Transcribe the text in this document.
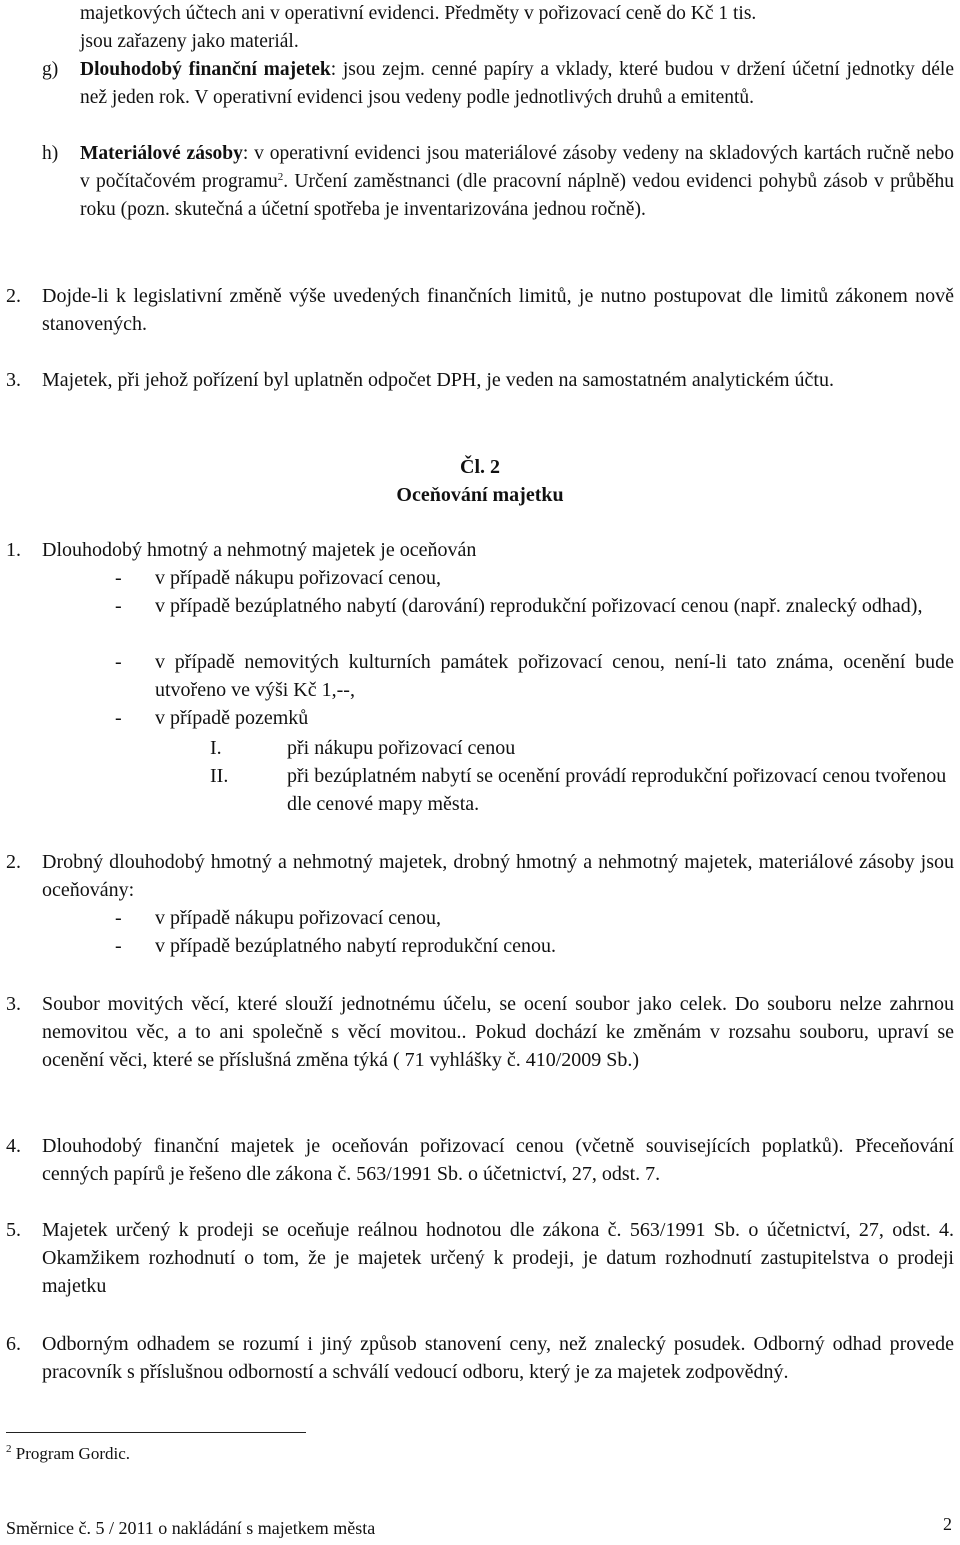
majetkových účtech ani v operativní evidenci. Předměty v pořizovací ceně do Kč 1 tis.
jsou zařazeny jako materiál.
g)	Dlouhodobý finanční majetek: jsou zejm. cenné papíry a vklady, které budou v držení účetní jednotky déle než jeden rok. V operativní evidenci jsou vedeny podle jednotlivých druhů a emitentů.

h)	Materiálové zásoby: v operativní evidenci jsou materiálové zásoby vedeny na skladových kartách ručně nebo v počítačovém programu$^2$. Určení zaměstnanci (dle pracovní náplně) vedou evidenci pohybů zásob v průběhu roku (pozn. skutečná a účetní spotřeba je inventarizována jednou ročně).

2.	Dojde-li k legislativní změně výše uvedených finančních limitů, je nutno postupovat dle limitů zákonem nově stanovených.

3.	Majetek, při jehož pořízení byl uplatněn odpočet DPH, je veden na samostatném analytickém účtu.

Čl. 2
Oceňování majetku
1.	Dlouhodobý hmotný a nehmotný majetek je oceňován

-	v případě nákupu pořizovací cenou,
-	v případě bezúplatného nabytí (darování) reprodukční pořizovací cenou (např. znalecký odhad),
-	v případě nemovitých kulturních památek pořizovací cenou, není-li tato známa, ocenění bude utvořeno ve výši Kč 1,--,
-	v případě pozemků
I.	při nákupu pořizovací cenou
II.	při bezúplatném nabytí se ocenění provádí reprodukční pořizovací cenou tvořenou dle cenové mapy města.
2.	Drobný dlouhodobý hmotný a nehmotný majetek, drobný hmotný a nehmotný majetek, materiálové zásoby jsou oceňovány:

-	v případě nákupu pořizovací cenou,
-	v případě bezúplatného nabytí reprodukční cenou.
3.	Soubor movitých věcí, které slouží jednotnému účelu, se ocení soubor jako celek. Do souboru nelze zahrnou nemovitou věc, a to ani společně s věcí movitou.. Pokud dochází ke změnám v rozsahu souboru, upraví se ocenění věci, které se příslušná změna týká ( 71 vyhlášky č. 410/2009 Sb.)

4.	Dlouhodobý finanční majetek je oceňován pořizovací cenou (včetně souvisejících poplatků). Přeceňování cenných papírů je řešeno dle zákona č. 563/1991 Sb. o účetnictví, 27, odst. 7.

5.	Majetek určený k prodeji se oceňuje reálnou hodnotou dle zákona č. 563/1991 Sb. o účetnictví, 27, odst. 4. Okamžikem rozhodnutí o tom, že je majetek určený k prodeji, je datum rozhodnutí zastupitelstva o prodeji majetku

6.	Odborným odhadem se rozumí i jiný způsob stanovení ceny, než znalecký posudek. Odborný odhad provede pracovník s příslušnou odborností a schválí vedoucí odboru, který je za majetek zodpovědný.

$^2$ Program Gordic.
Směrnice č. 5 / 2011 o nakládání s majetkem města	2
